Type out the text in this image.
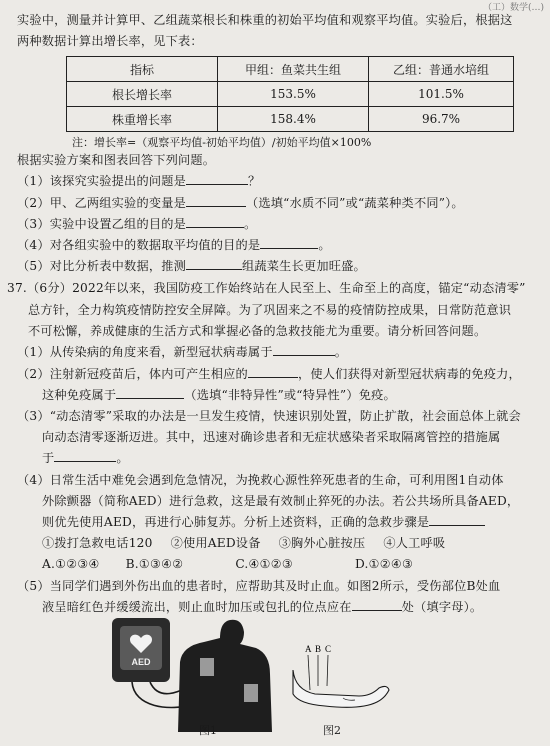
（工）数学(…)
实验中，测量并计算甲、乙组蔬菜根长和株重的初始平均值和观察平均值。实验后，根据这
两种数据计算出增长率，见下表：
指标	甲组：鱼菜共生组	乙组：普通水培组
根长增长率	153.5%	101.5%
株重增长率	158.4%	96.7%
注：增长率=（观察平均值-初始平均值）/初始平均值×100%
根据实验方案和图表回答下列问题。
（1）该探究实验提出的问题是	？
（2）甲、乙两组实验的变量是	（选填“水质不同”或“蔬菜种类不同”）。
（3）实验中设置乙组的目的是	。
（4）对各组实验中的数据取平均值的目的是	。
（5）对比分析表中数据，推测	组蔬菜生长更加旺盛。
37.（6分）2022年以来，我国防疫工作始终站在人民至上、生命至上的高度，锚定“动态清零”
总方针，全力构筑疫情防控安全屏障。为了巩固来之不易的疫情防控成果，日常防范意识
不可松懈，养成健康的生活方式和掌握必备的急救技能尤为重要。请分析回答问题。
（1）从传染病的角度来看，新型冠状病毒属于	。
（2）注射新冠疫苗后，体内可产生相应的	，使人们获得对新型冠状病毒的免疫力，
这种免疫属于	（选填“非特异性”或“特异性”）免疫。
（3）“动态清零”采取的办法是一旦发生疫情，快速识别处置，防止扩散，社会面总体上就会
向动态清零逐渐迈进。其中，迅速对确诊患者和无症状感染者采取隔离管控的措施属
于	。
（4）日常生活中难免会遇到危急情况，为挽救心源性猝死患者的生命，可利用图1自动体
外除颤器（简称AED）进行急救，这是最有效制止猝死的办法。若公共场所具备AED，
则优先使用AED，再进行心肺复苏。分析上述资料，正确的急救步骤是
①拨打急救电话120 ②使用AED设备 ③胸外心脏按压 ④人工呼吸
A.①②③④ B.①③④②	C.④①②③	D.①②④③
（5）当同学们遇到外伤出血的患者时，应帮助其及时止血。如图2所示，受伤部位B处血
液呈暗红色并缓缓流出，则止血时加压或包扎的位点应在	处（填字母）。
AED
图1
A B C
图2
